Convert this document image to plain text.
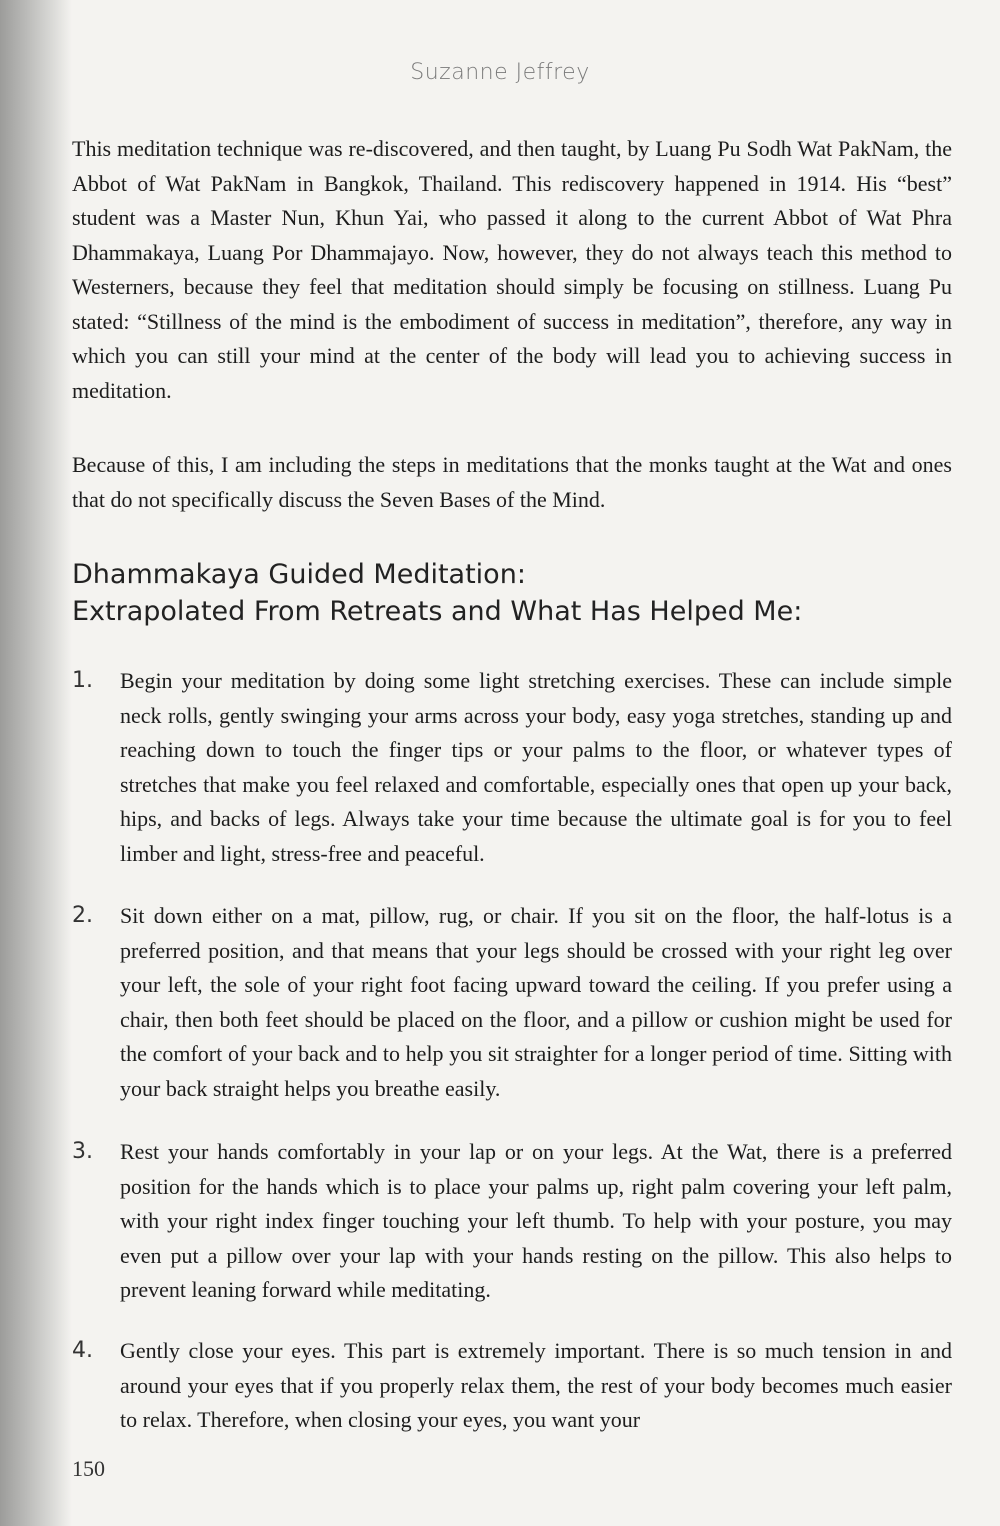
Suzanne Jeffrey

This meditation technique was re-discovered, and then taught, by Luang Pu Sodh Wat PakNam, the Abbot of Wat PakNam in Bangkok, Thailand. This rediscovery happened in 1914. His “best” student was a Master Nun, Khun Yai, who passed it along to the current Abbot of Wat Phra Dhammakaya, Luang Por Dhammajayo. Now, however, they do not always teach this method to Westerners, because they feel that meditation should simply be focusing on stillness. Luang Pu stated: “Stillness of the mind is the embodiment of success in meditation”, therefore, any way in which you can still your mind at the center of the body will lead you to achieving success in meditation.

Because of this, I am including the steps in meditations that the monks taught at the Wat and ones that do not specifically discuss the Seven Bases of the Mind.

Dhammakaya Guided Meditation:
Extrapolated From Retreats and What Has Helped Me:
1.	Begin your meditation by doing some light stretching exercises. These can include simple neck rolls, gently swinging your arms across your body, easy yoga stretches, standing up and reaching down to touch the finger tips or your palms to the floor, or whatever types of stretches that make you feel relaxed and comfortable, especially ones that open up your back, hips, and backs of legs. Always take your time because the ultimate goal is for you to feel limber and light, stress-free and peaceful.

2.	Sit down either on a mat, pillow, rug, or chair. If you sit on the floor, the half-lotus is a preferred position, and that means that your legs should be crossed with your right leg over your left, the sole of your right foot facing upward toward the ceiling. If you prefer using a chair, then both feet should be placed on the floor, and a pillow or cushion might be used for the comfort of your back and to help you sit straighter for a longer period of time. Sitting with your back straight helps you breathe easily.

3.	Rest your hands comfortably in your lap or on your legs. At the Wat, there is a preferred position for the hands which is to place your palms up, right palm covering your left palm, with your right index finger touching your left thumb. To help with your posture, you may even put a pillow over your lap with your hands resting on the pillow. This also helps to prevent leaning forward while meditating.

4.	Gently close your eyes. This part is extremely important. There is so much tension in and around your eyes that if you properly relax them, the rest of your body becomes much easier to relax. Therefore, when closing your eyes, you want your

150
